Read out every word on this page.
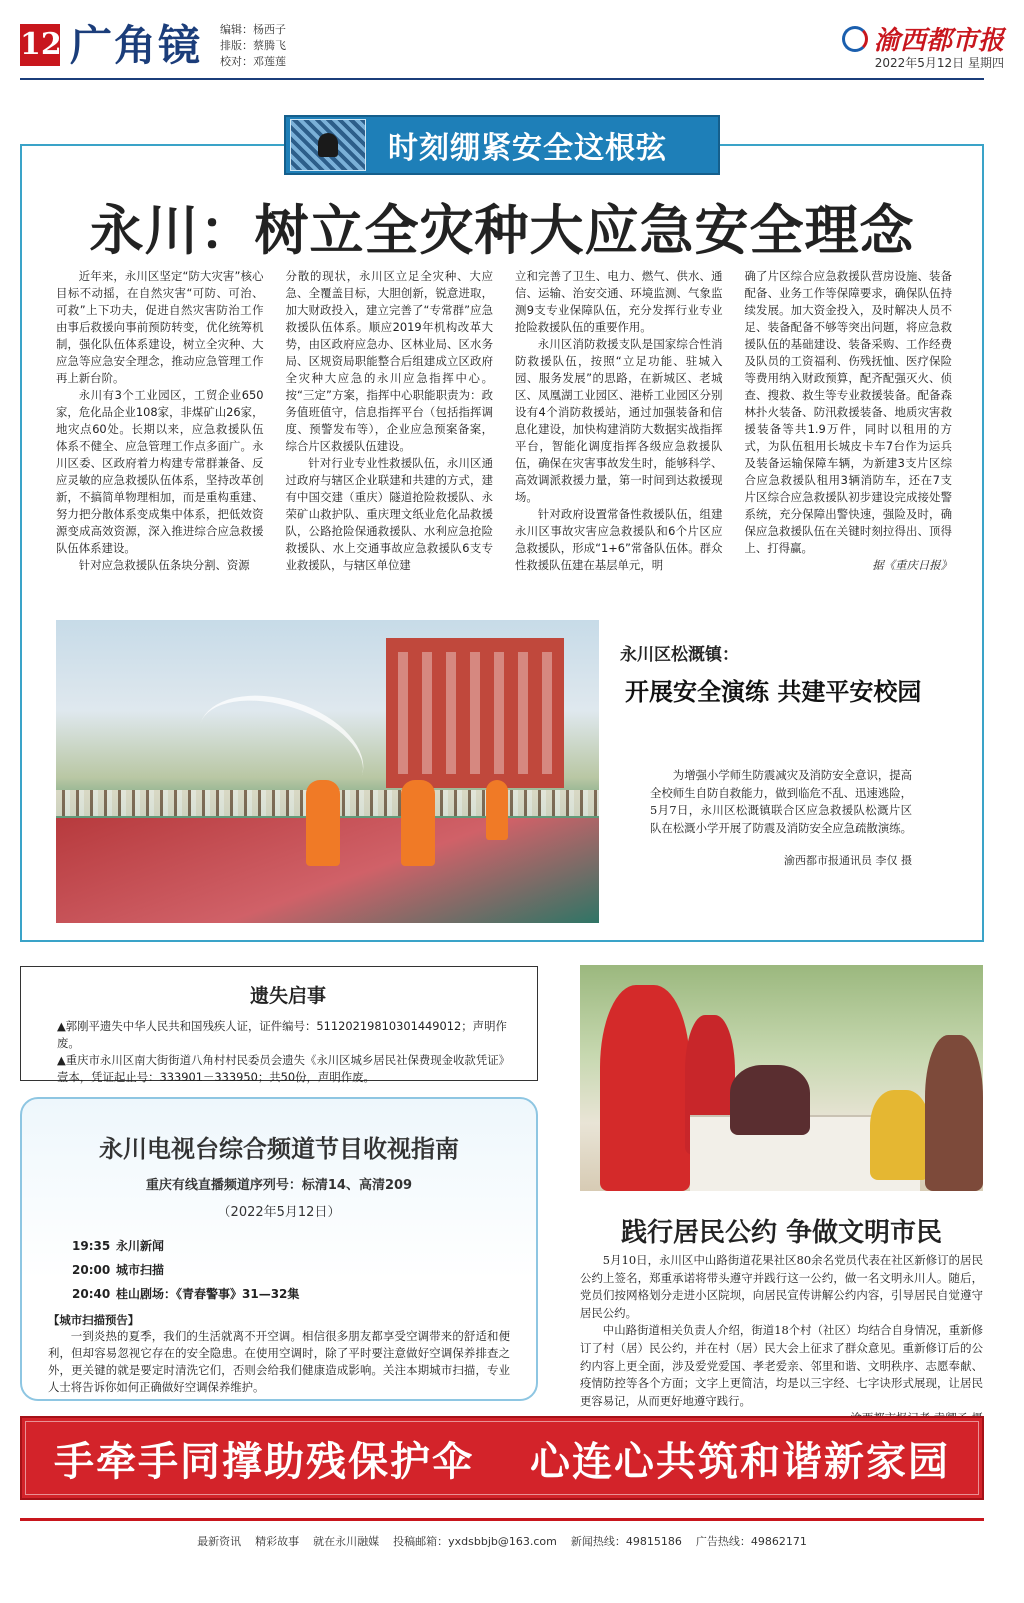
12 广角镜 编辑：杨西子
排版：蔡腾飞
校对：邓莲莲
渝西都市报
2022年5月12日 星期四
时刻绷紧安全这根弦
永川：树立全灾种大应急安全理念

近年来，永川区坚定“防大灾害”核心目标不动摇，在自然灾害“可防、可治、可救”上下功夫，促进自然灾害防治工作由事后救援向事前预防转变，优化统筹机制，强化队伍体系建设，树立全灾种、大应急等应急安全理念，推动应急管理工作再上新台阶。

永川有3个工业园区，工贸企业650家，危化品企业108家，非煤矿山26家，地灾点60处。长期以来，应急救援队伍体系不健全、应急管理工作点多面广。永川区委、区政府着力构建专常群兼备、反应灵敏的应急救援队伍体系，坚持改革创新，不搞简单物理相加，而是重构重建、努力把分散体系变成集中体系，把低效资源变成高效资源，深入推进综合应急救援队伍体系建设。

针对应急救援队伍条块分割、资源

分散的现状，永川区立足全灾种、大应急、全覆盖目标，大胆创新，锐意进取，加大财政投入，建立完善了“专常群”应急救援队伍体系。顺应2019年机构改革大势，由区政府应急办、区林业局、区水务局、区规资局职能整合后组建成立区政府全灾种大应急的永川应急指挥中心。按“三定”方案，指挥中心职能职责为：政务值班值守，信息指挥平台（包括指挥调度、预警发布等），企业应急预案备案，综合片区救援队伍建设。

针对行业专业性救援队伍，永川区通过政府与辖区企业联建和共建的方式，建有中国交建（重庆）隧道抢险救援队、永荣矿山救护队、重庆理文纸业危化品救援队，公路抢险保通救援队、水利应急抢险救援队、水上交通事故应急救援队6支专业救援队，与辖区单位建

立和完善了卫生、电力、燃气、供水、通信、运输、治安交通、环境监测、气象监测9支专业保障队伍，充分发挥行业专业抢险救援队伍的重要作用。

永川区消防救援支队是国家综合性消防救援队伍，按照“立足功能、驻城入园、服务发展”的思路，在新城区、老城区、凤凰湖工业园区、港桥工业园区分别设有4个消防救援站，通过加强装备和信息化建设，加快构建消防大数据实战指挥平台，智能化调度指挥各级应急救援队伍，确保在灾害事故发生时，能够科学、高效调派救援力量，第一时间到达救援现场。

针对政府设置常备性救援队伍，组建永川区事故灾害应急救援队和6个片区应急救援队，形成“1+6”常备队伍体。群众性救援队伍建在基层单元，明

确了片区综合应急救援队营房设施、装备配备、业务工作等保障要求，确保队伍持续发展。加大资金投入，及时解决人员不足、装备配备不够等突出问题，将应急救援队伍的基础建设、装备采购、工作经费及队员的工资福利、伤残抚恤、医疗保险等费用纳入财政预算，配齐配强灭火、侦查、搜救、救生等专业救援装备。配备森林扑火装备、防汛救援装备、地质灾害救援装备等共1.9万件，同时以租用的方式，为队伍租用长城皮卡车7台作为运兵及装备运输保障车辆，为新建3支片区综合应急救援队租用3辆消防车，还在7支片区综合应急救援队初步建设完成接处警系统，充分保障出警快速，强险及时，确保应急救援队伍在关键时刻拉得出、顶得上、打得赢。

据《重庆日报》
永川区松溉镇：
开展安全演练 共建平安校园

为增强小学师生防震减灾及消防安全意识，提高全校师生自防自救能力，做到临危不乱、迅速逃险，5月7日，永川区松溉镇联合区应急救援队松溉片区队在松溉小学开展了防震及消防安全应急疏散演练。

渝西都市报通讯员 李仅 摄
遗失启事
▲郭刚平遗失中华人民共和国残疾人证，证件编号：51120219810301449012；声明作废。
▲重庆市永川区南大街街道八角村村民委员会遗失《永川区城乡居民社保费现金收款凭证》壹本，凭证起止号：333901－333950；共50份，声明作废。
永川电视台综合频道节目收视指南
重庆有线直播频道序列号：标清14、高清209
（2022年5月12日）
19:35 永川新闻
20:00 城市扫描
20:40 桂山剧场：《青春警事》31—32集
【城市扫描预告】
一到炎热的夏季，我们的生活就离不开空调。相信很多朋友都享受空调带来的舒适和便利，但却容易忽视它存在的安全隐患。在使用空调时，除了平时要注意做好空调保养排查之外，更关键的就是要定时清洗它们，否则会给我们健康造成影响。关注本期城市扫描，专业人士将告诉你如何正确做好空调保养维护。
践行居民公约 争做文明市民

5月10日，永川区中山路街道花果社区80余名党员代表在社区新修订的居民公约上签名，郑重承诺将带头遵守并践行这一公约，做一名文明永川人。随后，党员们按网格划分走进小区院坝，向居民宣传讲解公约内容，引导居民自觉遵守居民公约。

中山路街道相关负责人介绍，街道18个村（社区）均结合自身情况，重新修订了村（居）民公约，并在村（居）民大会上征求了群众意见。重新修订后的公约内容上更全面，涉及爱党爱国、孝老爱亲、邻里和谐、文明秩序、志愿奉献、疫情防控等各个方面；文字上更简洁，均是以三字经、七字诀形式展现，让居民更容易记，从而更好地遵守践行。

手牵手同撑助残保护伞 心连心共筑和谐新家园
最新资讯 精彩故事 就在永川融媒 投稿邮箱：yxdsbbjb@163.com 新闻热线：49815186 广告热线：49862171
